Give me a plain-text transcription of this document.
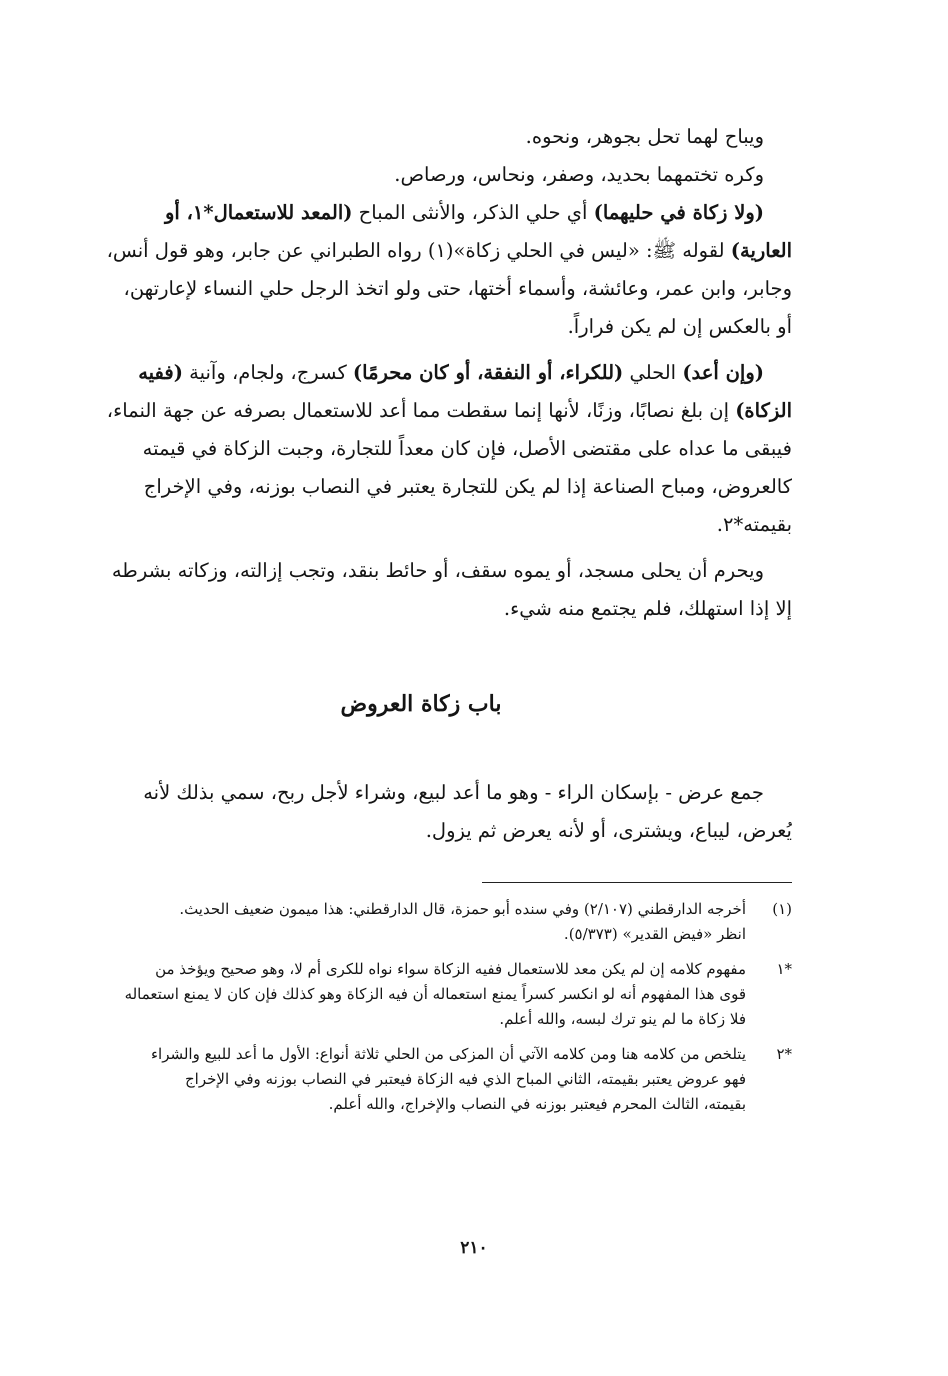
ويباح لهما تحل بجوهر، ونحوه.
وكره تختمهما بحديد، وصفر، ونحاس، ورصاص.
(ولا زكاة في حليهما) أي حلي الذكر، والأنثى المباح (المعد للاستعمال*١، أو
العارية) لقوله ﷺ: «ليس في الحلي زكاة»(١) رواه الطبراني عن جابر، وهو قول أنس،
وجابر، وابن عمر، وعائشة، وأسماء أختها، حتى ولو اتخذ الرجل حلي النساء لإعارتهن،
أو بالعكس إن لم يكن فراراً.
(وإن أعد) الحلي (للكراء، أو النفقة، أو كان محرمًا) كسرج، ولجام، وآنية (ففيه
الزكاة) إن بلغ نصابًا، وزنًا، لأنها إنما سقطت مما أعد للاستعمال بصرفه عن جهة النماء،
فيبقى ما عداه على مقتضى الأصل، فإن كان معداً للتجارة، وجبت الزكاة في قيمته
كالعروض، ومباح الصناعة إذا لم يكن للتجارة يعتبر في النصاب بوزنه، وفي الإخراج
بقيمته*٢.
ويحرم أن يحلى مسجد، أو يموه سقف، أو حائط بنقد، وتجب إزالته، وزكاته بشرطه
إلا إذا استهلك، فلم يجتمع منه شيء.
باب زكاة العروض
جمع عرض - بإسكان الراء - وهو ما أعد لبيع، وشراء لأجل ربح، سمي بذلك لأنه
يُعرض، ليباع، ويشترى، أو لأنه يعرض ثم يزول.
(١)
أخرجه الدارقطني (٢/١٠٧) وفي سنده أبو حمزة، قال الدارقطني: هذا ميمون ضعيف الحديث.
انظر «فيض القدير» (٥/٣٧٣).
*١
مفهوم كلامه إن لم يكن معد للاستعمال ففيه الزكاة سواء نواه للكرى أم لا، وهو صحيح ويؤخذ من
قوى هذا المفهوم أنه لو انكسر كسراً يمنع استعماله أن فيه الزكاة وهو كذلك فإن كان لا يمنع استعماله
فلا زكاة ما لم ينو ترك لبسه، والله أعلم.
*٢
يتلخص من كلامه هنا ومن كلامه الآتي أن المزكى من الحلي ثلاثة أنواع: الأول ما أعد للبيع والشراء
فهو عروض يعتبر بقيمته، الثاني المباح الذي فيه الزكاة فيعتبر في النصاب بوزنه وفي الإخراج
بقيمته، الثالث المحرم فيعتبر بوزنه في النصاب والإخراج، والله أعلم.
٢١٠
